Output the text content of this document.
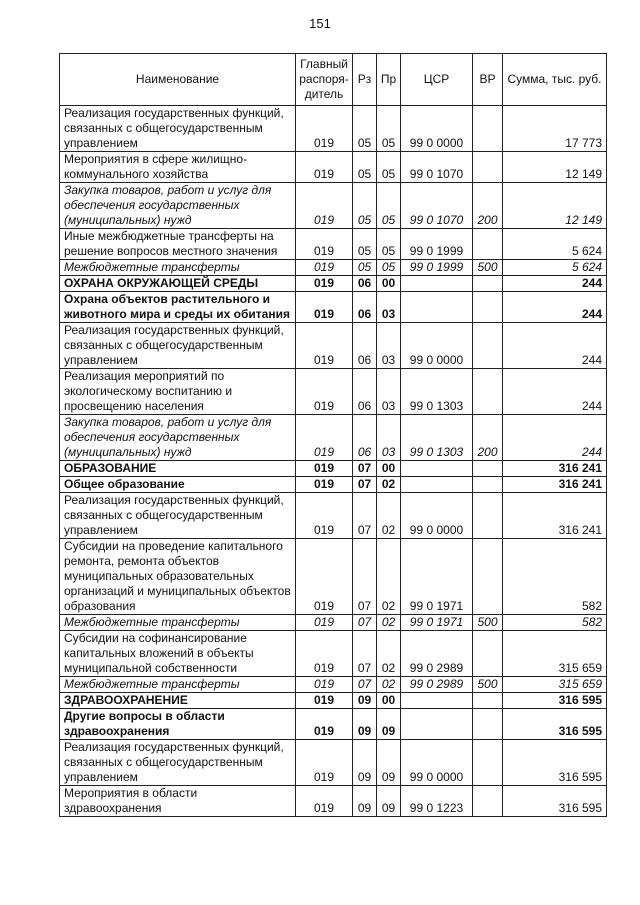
151
Наименование	Главный распоря-дитель	Рз	Пр	ЦСР	ВР	Сумма, тыс. руб.
Реализация государственных функций, связанных с общегосударственным управлением	019	05	05	99 0 0000		17 773
Мероприятия в сфере жилищно-коммунального хозяйства	019	05	05	99 0 1070		12 149
Закупка товаров, работ и услуг для обеспечения государственных (муниципальных) нужд	019	05	05	99 0 1070	200	12 149
Иные межбюджетные трансферты на решение вопросов местного значения	019	05	05	99 0 1999		5 624
Межбюджетные трансферты	019	05	05	99 0 1999	500	5 624
ОХРАНА ОКРУЖАЮЩЕЙ СРЕДЫ	019	06	00			244
Охрана объектов растительного и животного мира и среды их обитания	019	06	03			244
Реализация государственных функций, связанных с общегосударственным управлением	019	06	03	99 0 0000		244
Реализация мероприятий по экологическому воспитанию и просвещению населения	019	06	03	99 0 1303		244
Закупка товаров, работ и услуг для обеспечения государственных (муниципальных) нужд	019	06	03	99 0 1303	200	244
ОБРАЗОВАНИЕ	019	07	00			316 241
Общее образование	019	07	02			316 241
Реализация государственных функций, связанных с общегосударственным управлением	019	07	02	99 0 0000		316 241
Субсидии на проведение капитального ремонта, ремонта объектов муниципальных образовательных организаций и муниципальных объектов образования	019	07	02	99 0 1971		582
Межбюджетные трансферты	019	07	02	99 0 1971	500	582
Субсидии на софинансирование капитальных вложений в объекты муниципальной собственности	019	07	02	99 0 2989		315 659
Межбюджетные трансферты	019	07	02	99 0 2989	500	315 659
ЗДРАВООХРАНЕНИЕ	019	09	00			316 595
Другие вопросы в области здравоохранения	019	09	09			316 595
Реализация государственных функций, связанных с общегосударственным управлением	019	09	09	99 0 0000		316 595
Мероприятия в области здравоохранения	019	09	09	99 0 1223		316 595
